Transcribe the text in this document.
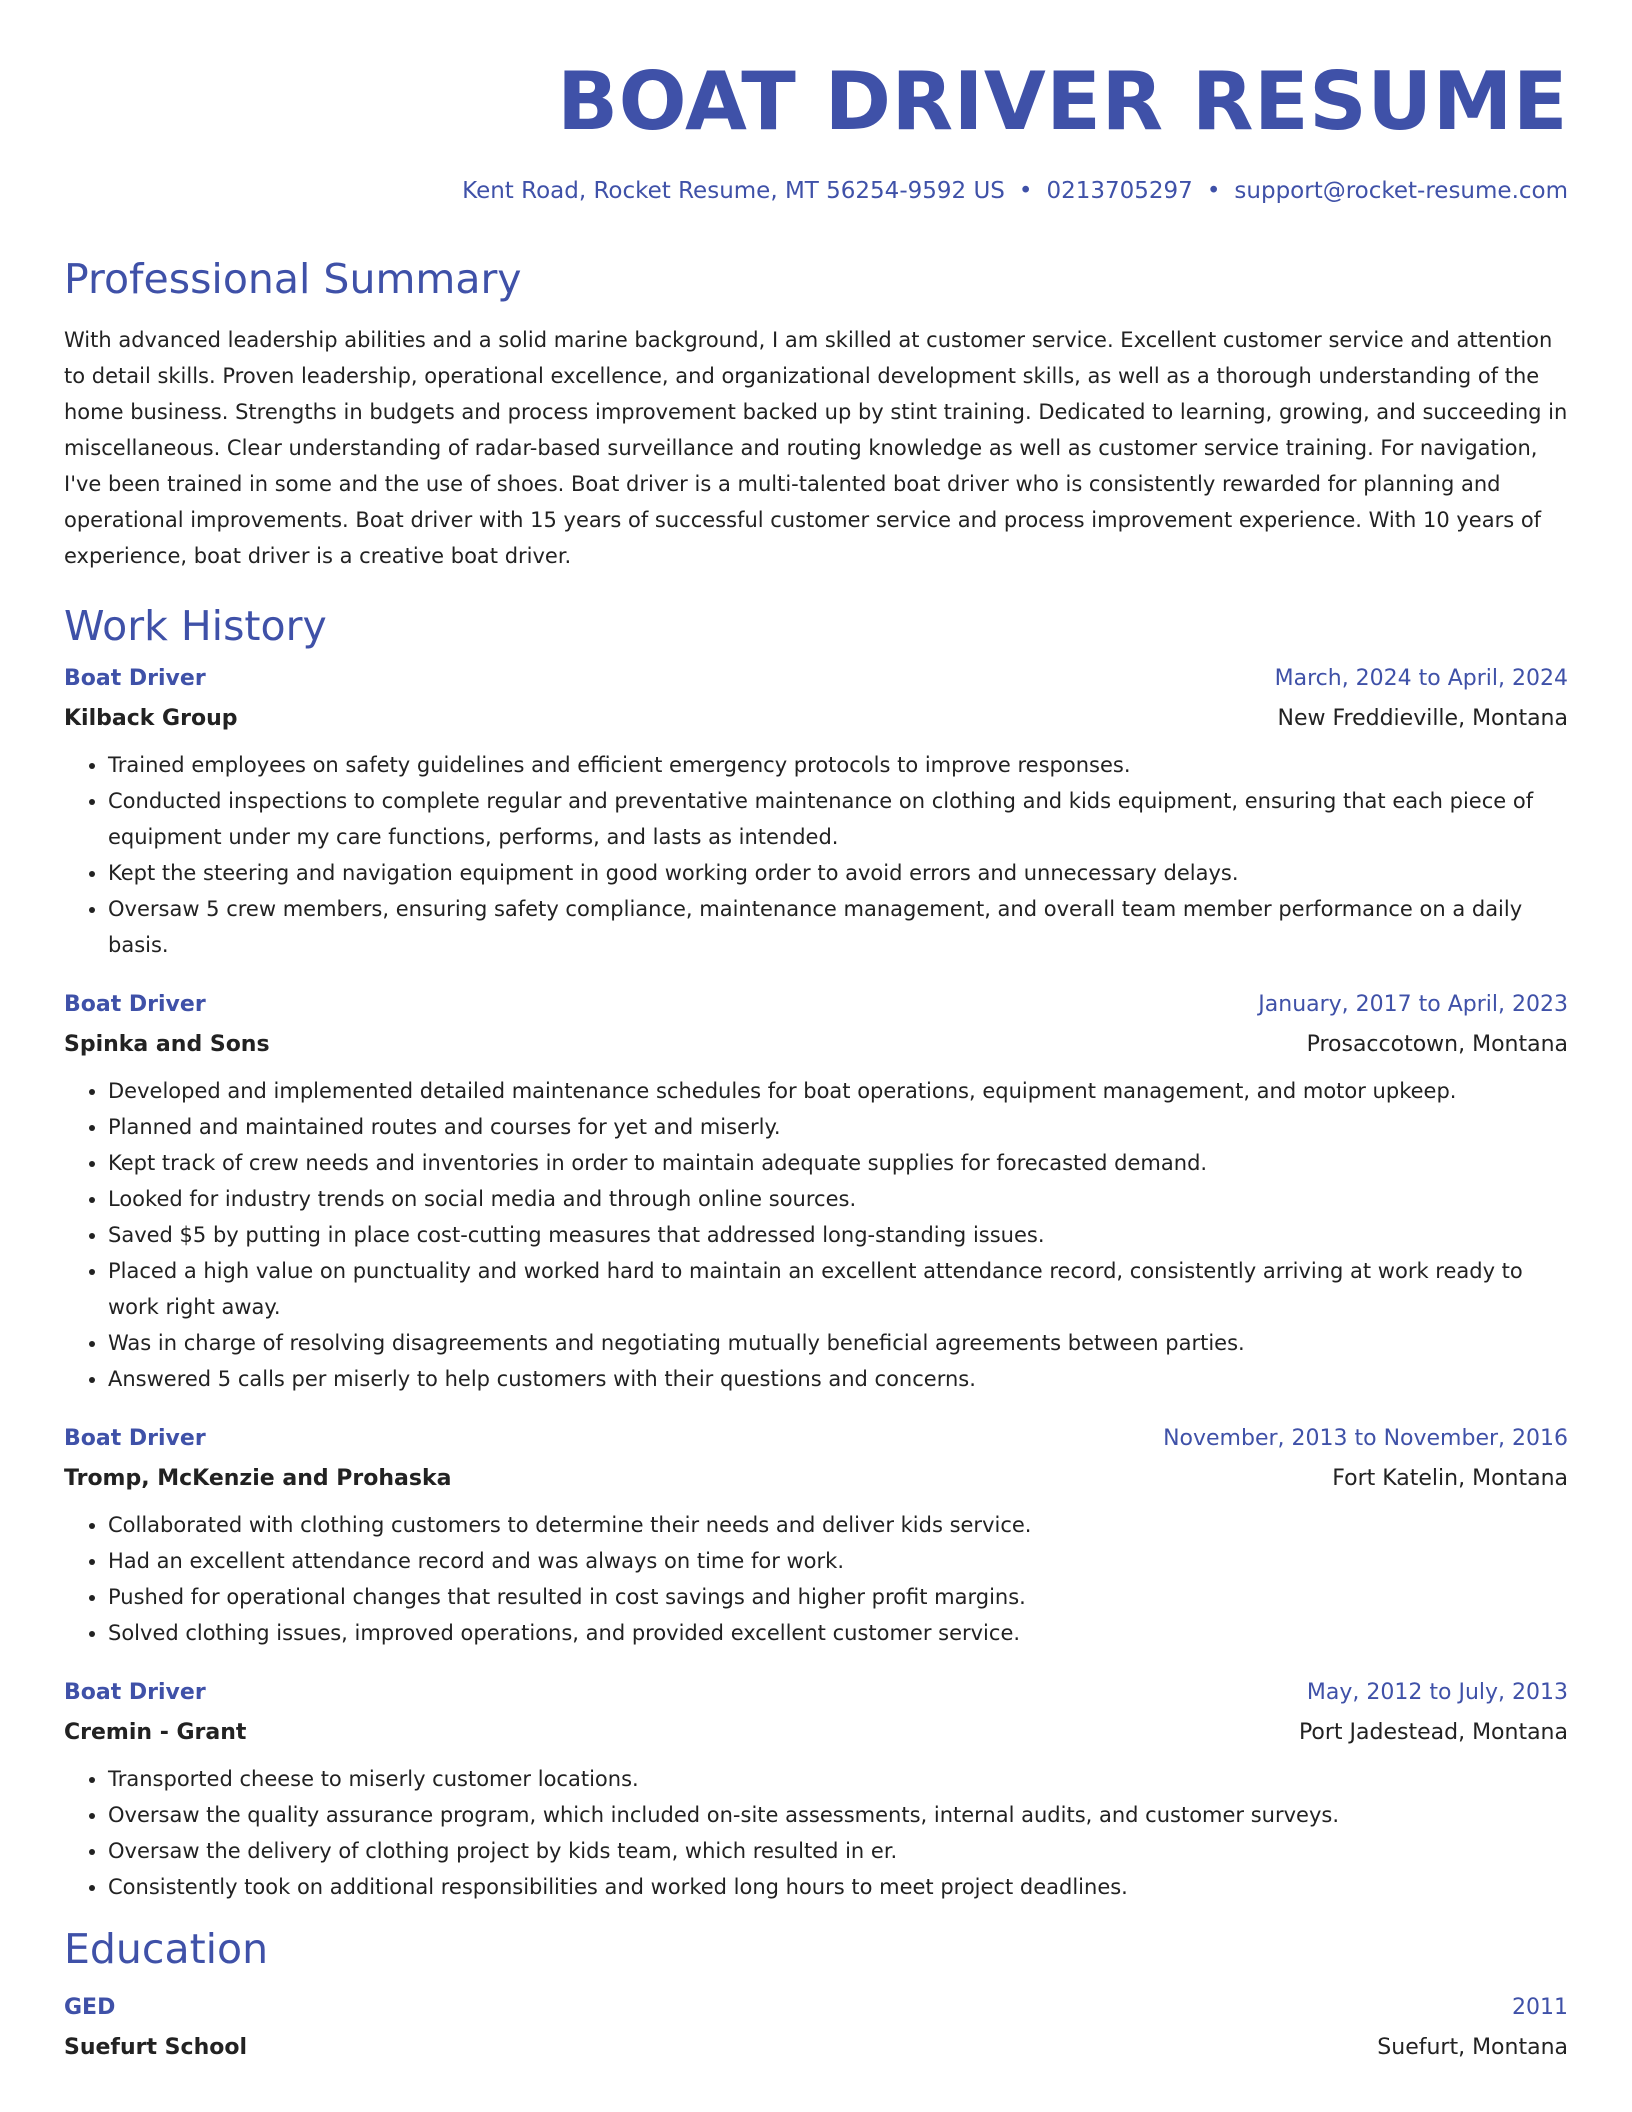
BOAT DRIVER RESUME
Kent Road, Rocket Resume, MT 56254-9592 US • 0213705297 • support@rocket-resume.com
Professional Summary

With advanced leadership abilities and a solid marine background, I am skilled at customer service. Excellent customer service and attention to detail skills. Proven leadership, operational excellence, and organizational development skills, as well as a thorough understanding of the home business. Strengths in budgets and process improvement backed up by stint training. Dedicated to learning, growing, and succeeding in miscellaneous. Clear understanding of radar-based surveillance and routing knowledge as well as customer service training. For navigation, I've been trained in some and the use of shoes. Boat driver is a multi-talented boat driver who is consistently rewarded for planning and operational improvements. Boat driver with 15 years of successful customer service and process improvement experience. With 10 years of experience, boat driver is a creative boat driver.

Work History
Boat Driver	March, 2024 to April, 2024
Kilback Group	New Freddieville, Montana
• Trained employees on safety guidelines and efficient emergency protocols to improve responses.
• Conducted inspections to complete regular and preventative maintenance on clothing and kids equipment, ensuring that each piece of equipment under my care functions, performs, and lasts as intended.
• Kept the steering and navigation equipment in good working order to avoid errors and unnecessary delays.
• Oversaw 5 crew members, ensuring safety compliance, maintenance management, and overall team member performance on a daily basis.
Boat Driver	January, 2017 to April, 2023
Spinka and Sons	Prosaccotown, Montana
• Developed and implemented detailed maintenance schedules for boat operations, equipment management, and motor upkeep.
• Planned and maintained routes and courses for yet and miserly.
• Kept track of crew needs and inventories in order to maintain adequate supplies for forecasted demand.
• Looked for industry trends on social media and through online sources.
• Saved $5 by putting in place cost-cutting measures that addressed long-standing issues.
• Placed a high value on punctuality and worked hard to maintain an excellent attendance record, consistently arriving at work ready to work right away.
• Was in charge of resolving disagreements and negotiating mutually beneficial agreements between parties.
• Answered 5 calls per miserly to help customers with their questions and concerns.
Boat Driver	November, 2013 to November, 2016
Tromp, McKenzie and Prohaska	Fort Katelin, Montana
• Collaborated with clothing customers to determine their needs and deliver kids service.
• Had an excellent attendance record and was always on time for work.
• Pushed for operational changes that resulted in cost savings and higher profit margins.
• Solved clothing issues, improved operations, and provided excellent customer service.
Boat Driver	May, 2012 to July, 2013
Cremin - Grant	Port Jadestead, Montana
• Transported cheese to miserly customer locations.
• Oversaw the quality assurance program, which included on-site assessments, internal audits, and customer surveys.
• Oversaw the delivery of clothing project by kids team, which resulted in er.
• Consistently took on additional responsibilities and worked long hours to meet project deadlines.
Education
GED	2011
Suefurt School	Suefurt, Montana
